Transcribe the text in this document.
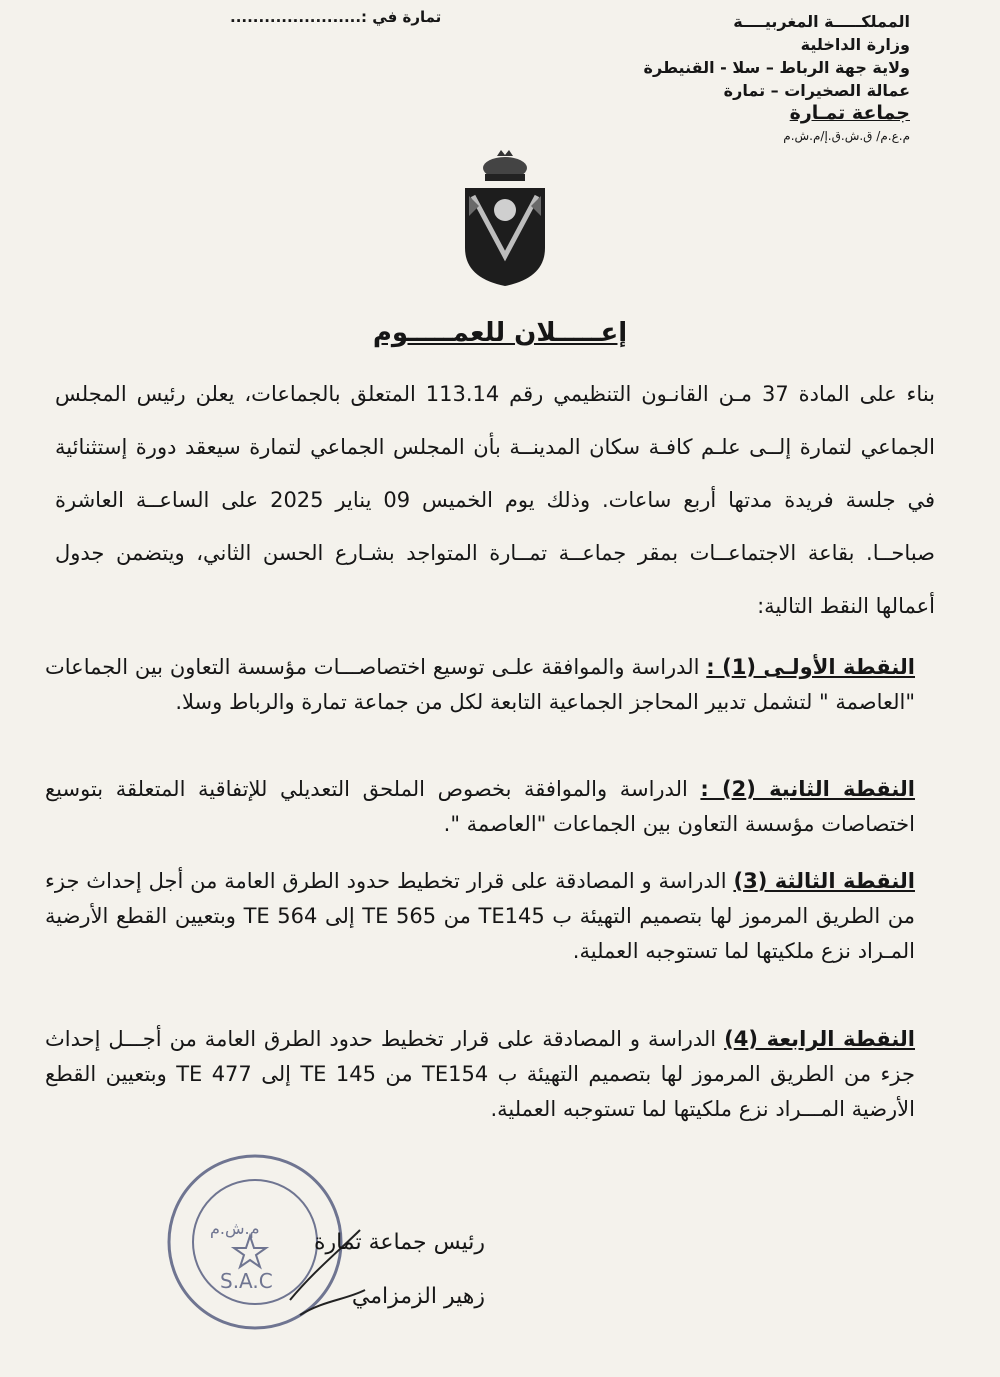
المملكـــــة المغربيــــة
وزارة الداخلية
ولاية جهة الرباط – سلا - القنيطرة
عمالة الصخيرات – تمارة
جماعة تمـارة
م.ع.م/ ق.ش.ق.إ/م.ش.م
تمارة في :.......................
إعـــــلان للعمـــــوم
بناء على المادة 37 مـن القانـون التنظيمي رقم 113.14 المتعلق بالجماعات، يعلن رئيس المجلس الجماعي لتمارة إلــى علـم كافـة سكان المدينــة بأن المجلس الجماعي لتمارة سيعقد دورة إستثنائية في جلسة فريدة مدتها أربع ساعات. وذلك يوم الخميس 09 يناير 2025 على الساعــة العاشرة صباحــا. بقاعة الاجتماعــات بمقر جماعــة تمــارة المتواجد بشـارع الحسن الثاني، ويتضمن جدول أعمالها النقط التالية:
النقطة الأولـى (1) : الدراسة والموافقة علـى توسيع اختصاصـــات مؤسسة التعاون بين الجماعات "العاصمة " لتشمل تدبير المحاجز الجماعية التابعة لكل من جماعة تمارة والرباط وسلا.
النقطة الثانية (2) : الدراسة والموافقة بخصوص الملحق التعديلي للإتفاقية المتعلقة بتوسيع اختصاصات مؤسسة التعاون بين الجماعات "العاصمة ".
النقطة الثالثة (3) الدراسة و المصادقة على قرار تخطيط حدود الطرق العامة من أجل إحداث جزء من الطريق المرموز لها بتصميم التهيئة ب TE145 من TE 565 إلى TE 564 وبتعيين القطع الأرضية المـراد نزع ملكيتها لما تستوجبه العملية.
النقطة الرابعة (4) الدراسة و المصادقة على قرار تخطيط حدود الطرق العامة من أجـــل إحداث جزء من الطريق المرموز لها بتصميم التهيئة ب TE154 من TE 145 إلى TE 477 وبتعيين القطع الأرضية المـــراد نزع ملكيتها لما تستوجبه العملية.
م.ش.م
S.A.C
رئيس جماعة تمارة
زهير الزمزامي
